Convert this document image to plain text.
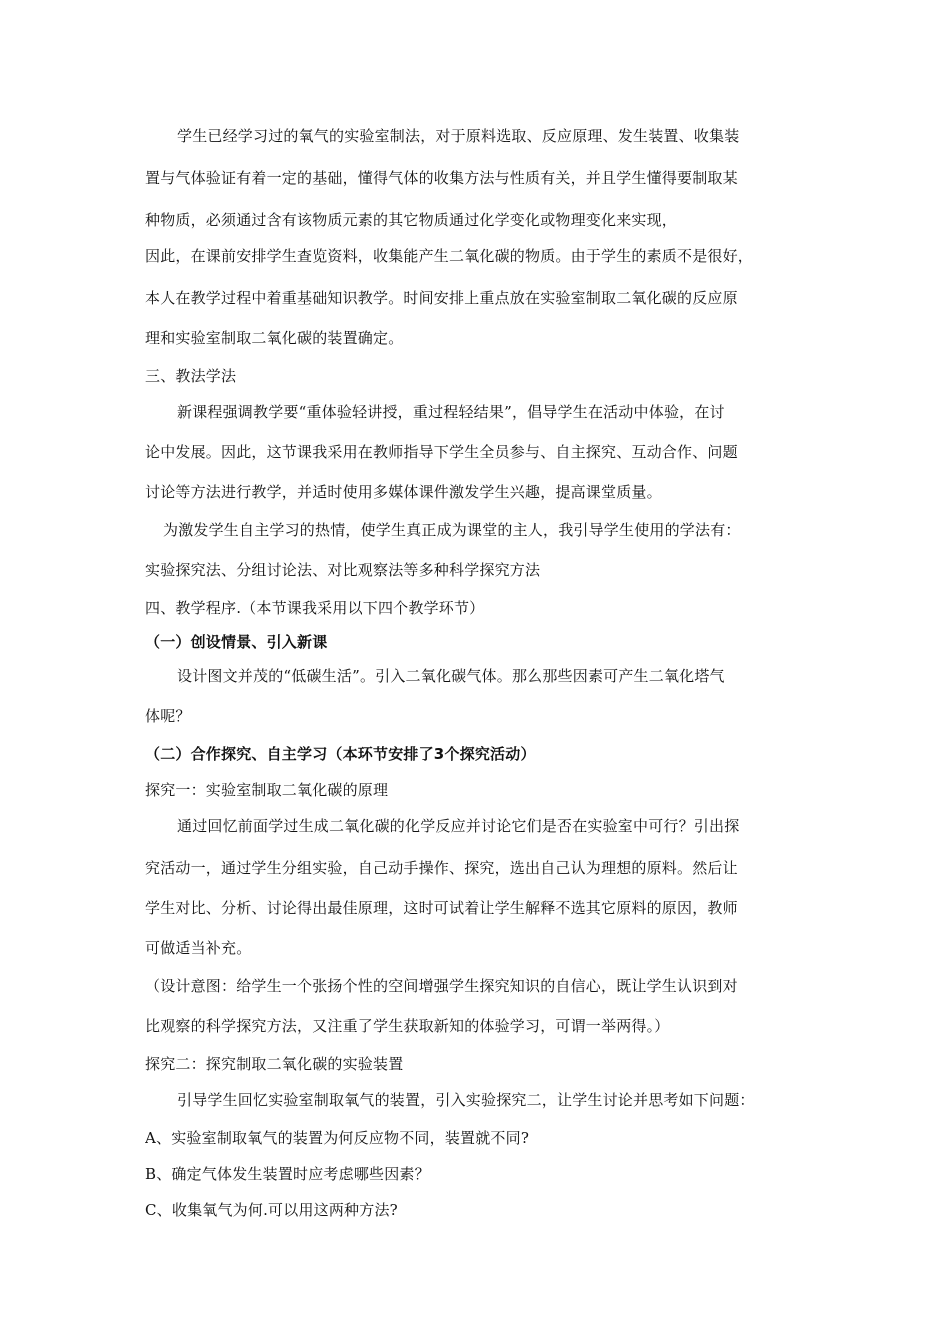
学生已经学习过的氧气的实验室制法，对于原料选取、反应原理、发生装置、收集装
置与气体验证有着一定的基础，懂得气体的收集方法与性质有关，并且学生懂得要制取某
种物质，必须通过含有该物质元素的其它物质通过化学变化或物理变化来实现，
因此，在课前安排学生查览资料，收集能产生二氧化碳的物质。由于学生的素质不是很好，
本人在教学过程中着重基础知识教学。时间安排上重点放在实验室制取二氧化碳的反应原
理和实验室制取二氧化碳的装置确定。
三、教法学法
新课程强调教学要“重体验轻讲授，重过程轻结果”，倡导学生在活动中体验，在讨
论中发展。因此，这节课我采用在教师指导下学生全员参与、自主探究、互动合作、问题
讨论等方法进行教学，并适时使用多媒体课件激发学生兴趣，提高课堂质量。
为激发学生自主学习的热情，使学生真正成为课堂的主人，我引导学生使用的学法有：
实验探究法、分组讨论法、对比观察法等多种科学探究方法
四、教学程序.（本节课我采用以下四个教学环节）
（一）创设情景、引入新课
设计图文并茂的“低碳生活”。引入二氧化碳气体。那么那些因素可产生二氧化塔气
体呢？
（二）合作探究、自主学习（本环节安排了3个探究活动）
探究一：实验室制取二氧化碳的原理
通过回忆前面学过生成二氧化碳的化学反应并讨论它们是否在实验室中可行？引出探
究活动一，通过学生分组实验，自己动手操作、探究，选出自己认为理想的原料。然后让
学生对比、分析、讨论得出最佳原理，这时可试着让学生解释不选其它原料的原因，教师
可做适当补充。
（设计意图：给学生一个张扬个性的空间增强学生探究知识的自信心，既让学生认识到对
比观察的科学探究方法，又注重了学生获取新知的体验学习，可谓一举两得。）
探究二：探究制取二氧化碳的实验装置
引导学生回忆实验室制取氧气的装置，引入实验探究二，让学生讨论并思考如下问题：
A、实验室制取氧气的装置为何反应物不同，装置就不同?
B、确定气体发生装置时应考虑哪些因素？
C、收集氧气为何.可以用这两种方法?
